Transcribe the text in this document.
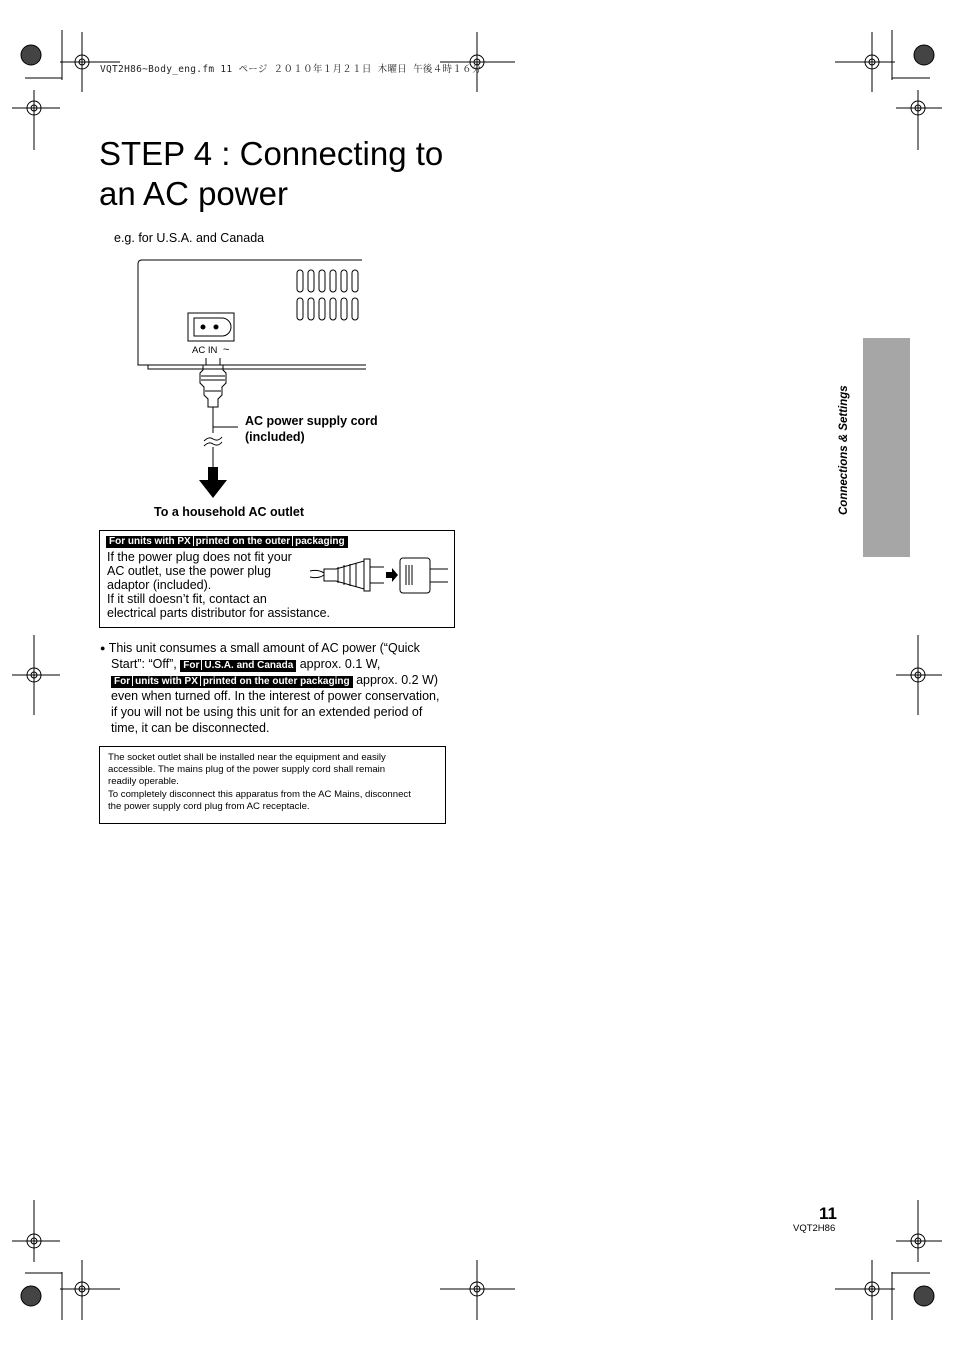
VQT2H86~Body_eng.fm 11 ページ ２０１０年１月２１日 木曜日 午後４時１６分
STEP 4 : Connecting to
an AC power
e.g. for U.S.A. and Canada
AC IN ~
AC power supply cord
(included)
To a household AC outlet
For units with PX printed on the outer packaging
If the power plug does not fit your
AC outlet, use the power plug
adaptor (included).
If it still doesn’t fit, contact an
electrical parts distributor for assistance.
● This unit consumes a small amount of AC power (“Quick
Start”: “Off”, For U.S.A. and Canada approx. 0.1 W,
For units with PX printed on the outer packaging approx. 0.2 W)
even when turned off. In the interest of power conservation,
if you will not be using this unit for an extended period of
time, it can be disconnected.
The socket outlet shall be installed near the equipment and easily
accessible. The mains plug of the power supply cord shall remain
readily operable.
To completely disconnect this apparatus from the AC Mains, disconnect
the power supply cord plug from AC receptacle.
Connections & Settings
11
VQT2H86
